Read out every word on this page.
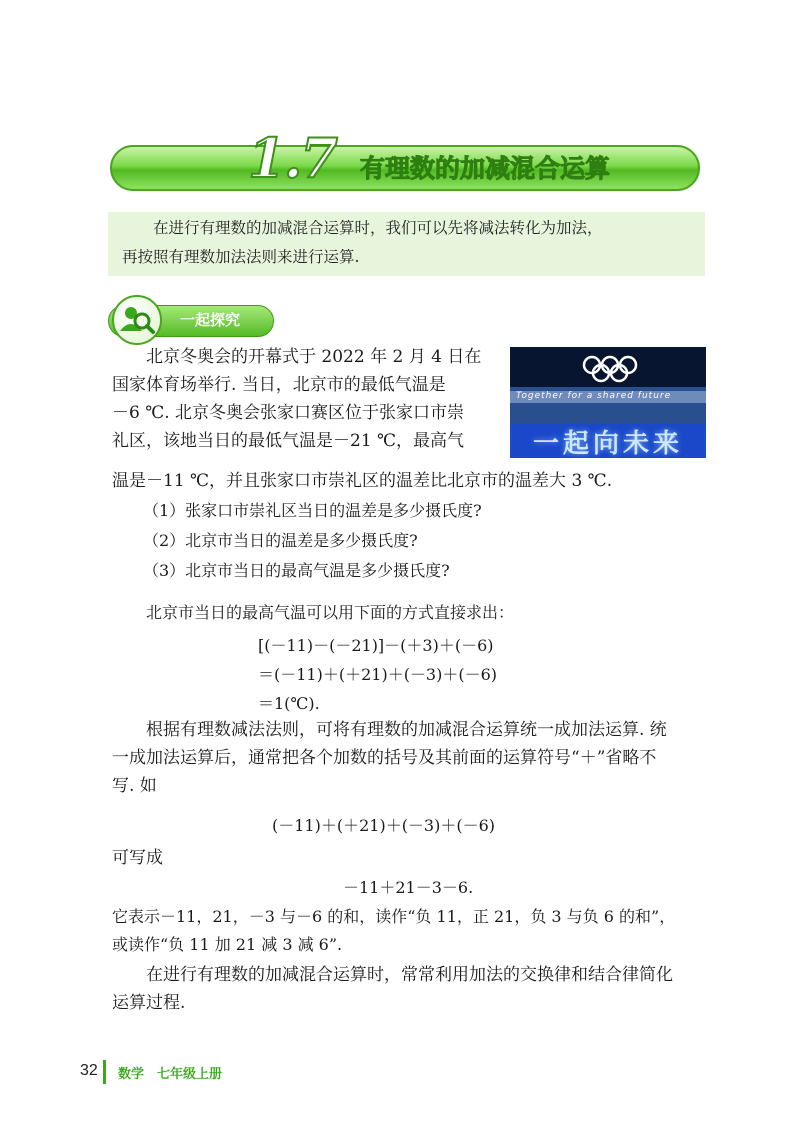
1.7 有理数的加减混合运算
在进行有理数的加减混合运算时，我们可以先将减法转化为加法，
再按照有理数加法法则来进行运算.
一起探究
Together for a shared future
一起向未来
北京冬奥会的开幕式于 2022 年 2 月 4 日在
国家体育场举行. 当日，北京市的最低气温是
－6 ℃. 北京冬奥会张家口赛区位于张家口市崇
礼区，该地当日的最低气温是－21 ℃，最高气
温是－11 ℃，并且张家口市崇礼区的温差比北京市的温差大 3 ℃.
（1）张家口市崇礼区当日的温差是多少摄氏度?
（2）北京市当日的温差是多少摄氏度?
（3）北京市当日的最高气温是多少摄氏度?
北京市当日的最高气温可以用下面的方式直接求出：
[(－11)－(－21)]－(＋3)＋(－6)
＝(－11)＋(＋21)＋(－3)＋(－6)
＝1(℃).
根据有理数减法法则，可将有理数的加减混合运算统一成加法运算. 统
一成加法运算后，通常把各个加数的括号及其前面的运算符号“＋”省略不
写. 如
(－11)＋(＋21)＋(－3)＋(－6)
可写成
－11＋21－3－6.
它表示－11，21，－3 与－6 的和，读作“负 11，正 21，负 3 与负 6 的和”，
或读作“负 11 加 21 减 3 减 6”.
在进行有理数的加减混合运算时，常常利用加法的交换律和结合律简化
运算过程.
32 数学　七年级上册
